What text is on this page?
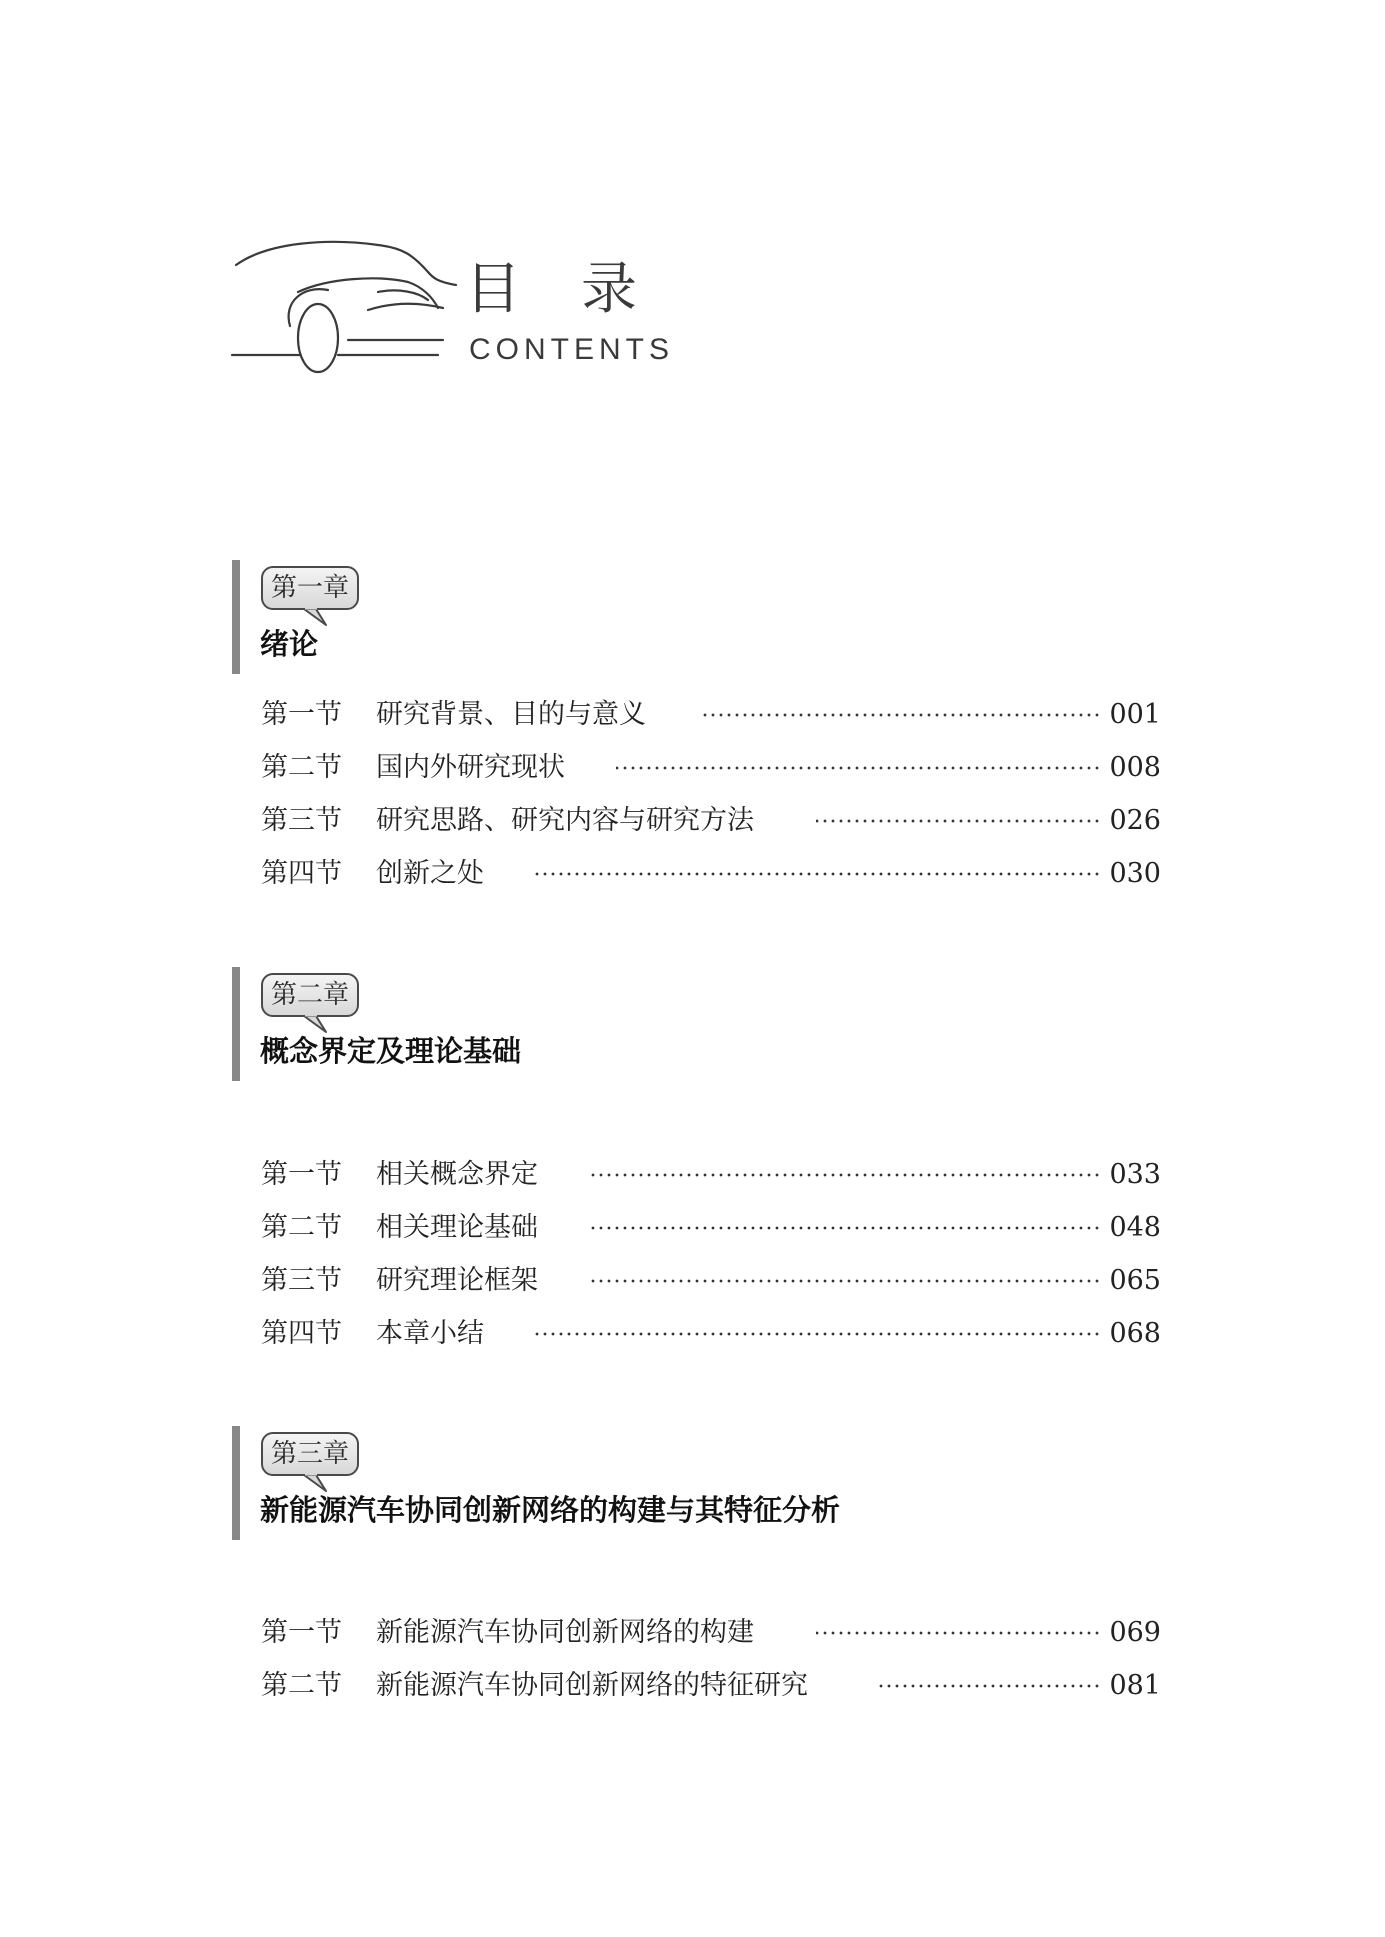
目录
CONTENTS
第一章
绪论
第一节 研究背景、目的与意义	001
第二节 国内外研究现状	008
第三节 研究思路、研究内容与研究方法	026
第四节 创新之处	030
第二章
概念界定及理论基础
第一节 相关概念界定	033
第二节 相关理论基础	048
第三节 研究理论框架	065
第四节 本章小结	068
第三章
新能源汽车协同创新网络的构建与其特征分析
第一节 新能源汽车协同创新网络的构建	069
第二节 新能源汽车协同创新网络的特征研究	081
